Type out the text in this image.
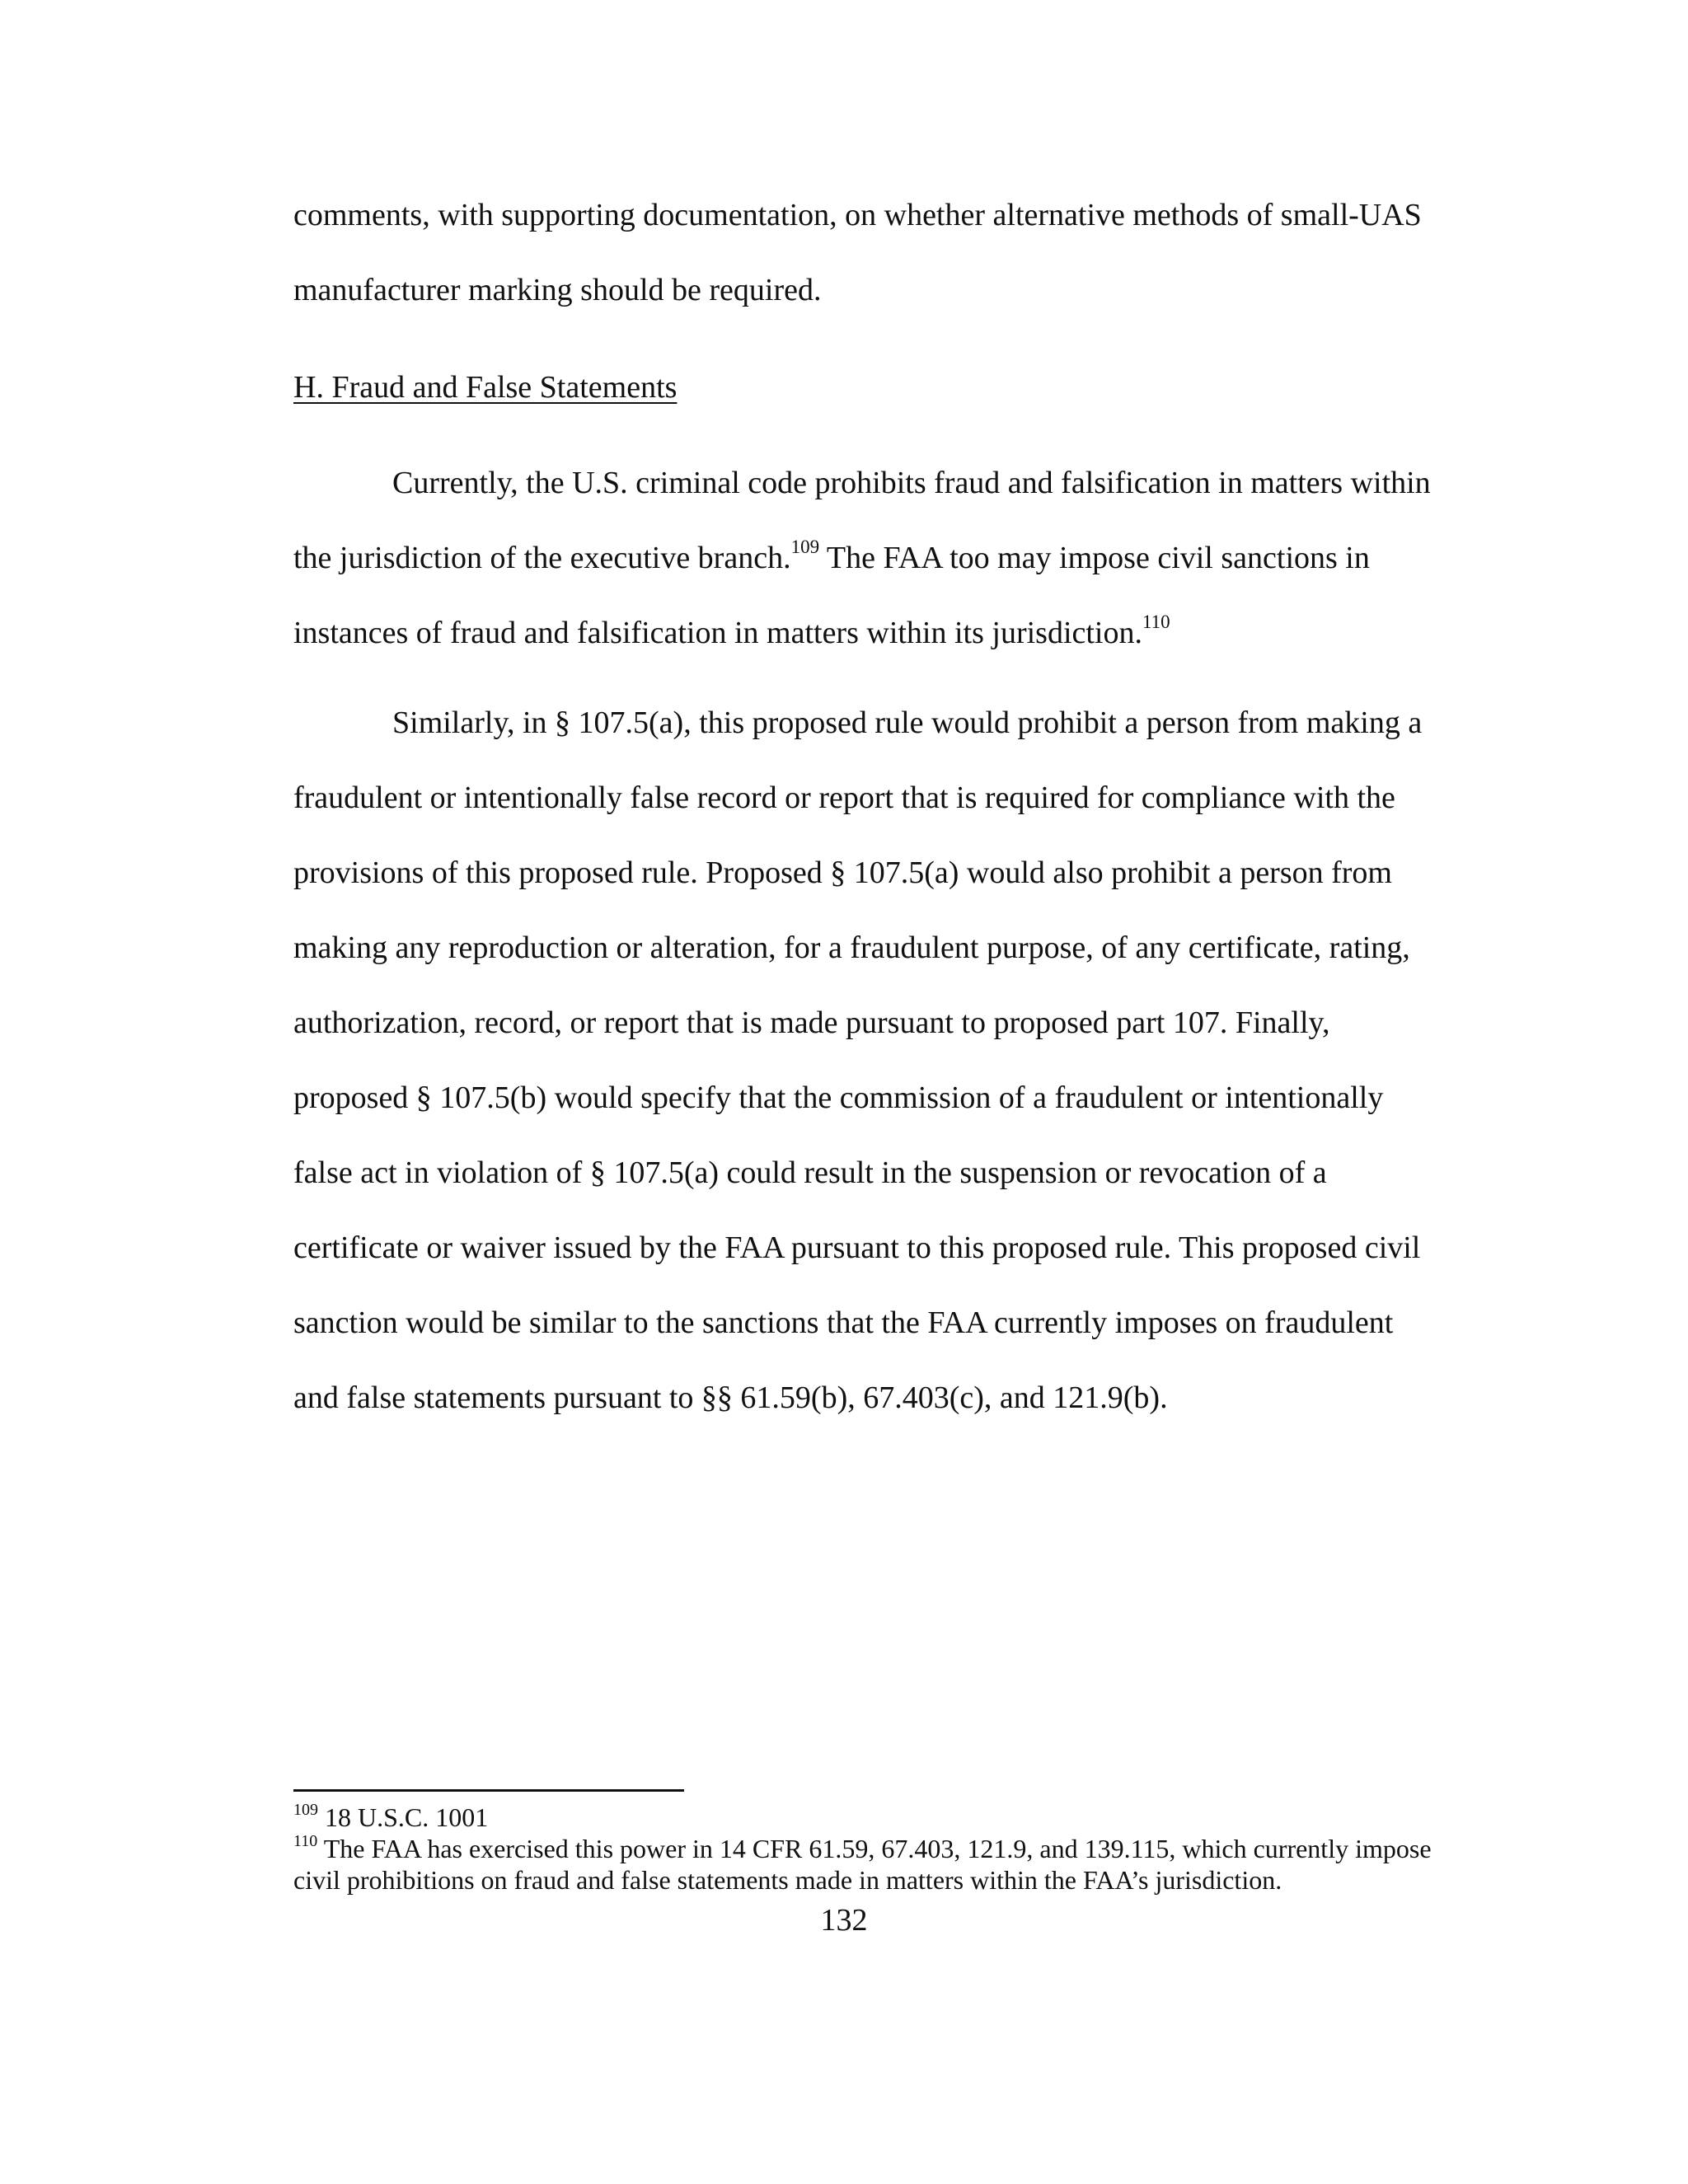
comments, with supporting documentation, on whether alternative methods of small-UAS
manufacturer marking should be required.
H. Fraud and False Statements
Currently, the U.S. criminal code prohibits fraud and falsification in matters within
the jurisdiction of the executive branch.$^{109}$ The FAA too may impose civil sanctions in
instances of fraud and falsification in matters within its jurisdiction.$^{110}$
Similarly, in § 107.5(a), this proposed rule would prohibit a person from making a
fraudulent or intentionally false record or report that is required for compliance with the
provisions of this proposed rule. Proposed § 107.5(a) would also prohibit a person from
making any reproduction or alteration, for a fraudulent purpose, of any certificate, rating,
authorization, record, or report that is made pursuant to proposed part 107. Finally,
proposed § 107.5(b) would specify that the commission of a fraudulent or intentionally
false act in violation of § 107.5(a) could result in the suspension or revocation of a
certificate or waiver issued by the FAA pursuant to this proposed rule. This proposed civil
sanction would be similar to the sanctions that the FAA currently imposes on fraudulent
and false statements pursuant to §§ 61.59(b), 67.403(c), and 121.9(b).
$^{109}$ 18 U.S.C. 1001
$^{110}$ The FAA has exercised this power in 14 CFR 61.59, 67.403, 121.9, and 139.115, which currently impose
civil prohibitions on fraud and false statements made in matters within the FAA’s jurisdiction.
132
